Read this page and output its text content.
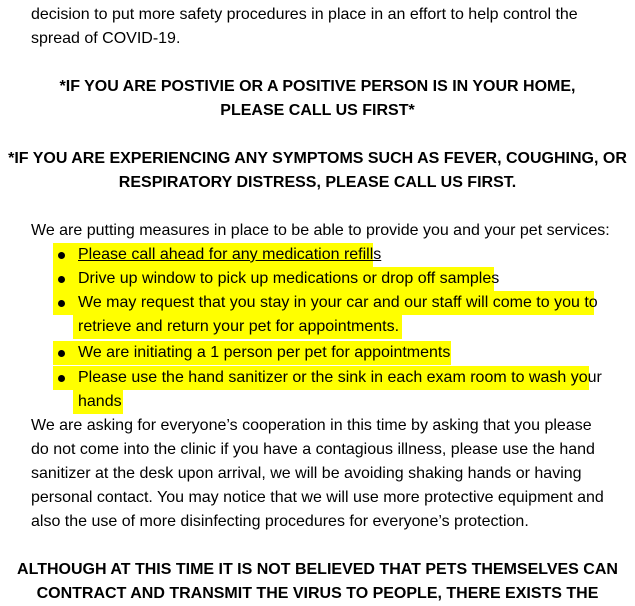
decision to put more safety procedures in place in an effort to help control the
spread of COVID-19.
*IF YOU ARE POSTIVIE OR A POSITIVE PERSON IS IN YOUR HOME,
PLEASE CALL US FIRST*
*IF YOU ARE EXPERIENCING ANY SYMPTOMS SUCH AS FEVER, COUGHING, OR
RESPIRATORY DISTRESS, PLEASE CALL US FIRST.
We are putting measures in place to be able to provide you and your pet services:
Please call ahead for any medication refills
Drive up window to pick up medications or drop off samples
We may request that you stay in your car and our staff will come to you to
retrieve and return your pet for appointments.
We are initiating a 1 person per pet for appointments
Please use the hand sanitizer or the sink in each exam room to wash your
hands
We are asking for everyone’s cooperation in this time by asking that you please
do not come into the clinic if you have a contagious illness, please use the hand
sanitizer at the desk upon arrival, we will be avoiding shaking hands or having
personal contact. You may notice that we will use more protective equipment and
also the use of more disinfecting procedures for everyone’s protection.
ALTHOUGH AT THIS TIME IT IS NOT BELIEVED THAT PETS THEMSELVES CAN
CONTRACT AND TRANSMIT THE VIRUS TO PEOPLE, THERE EXISTS THE
